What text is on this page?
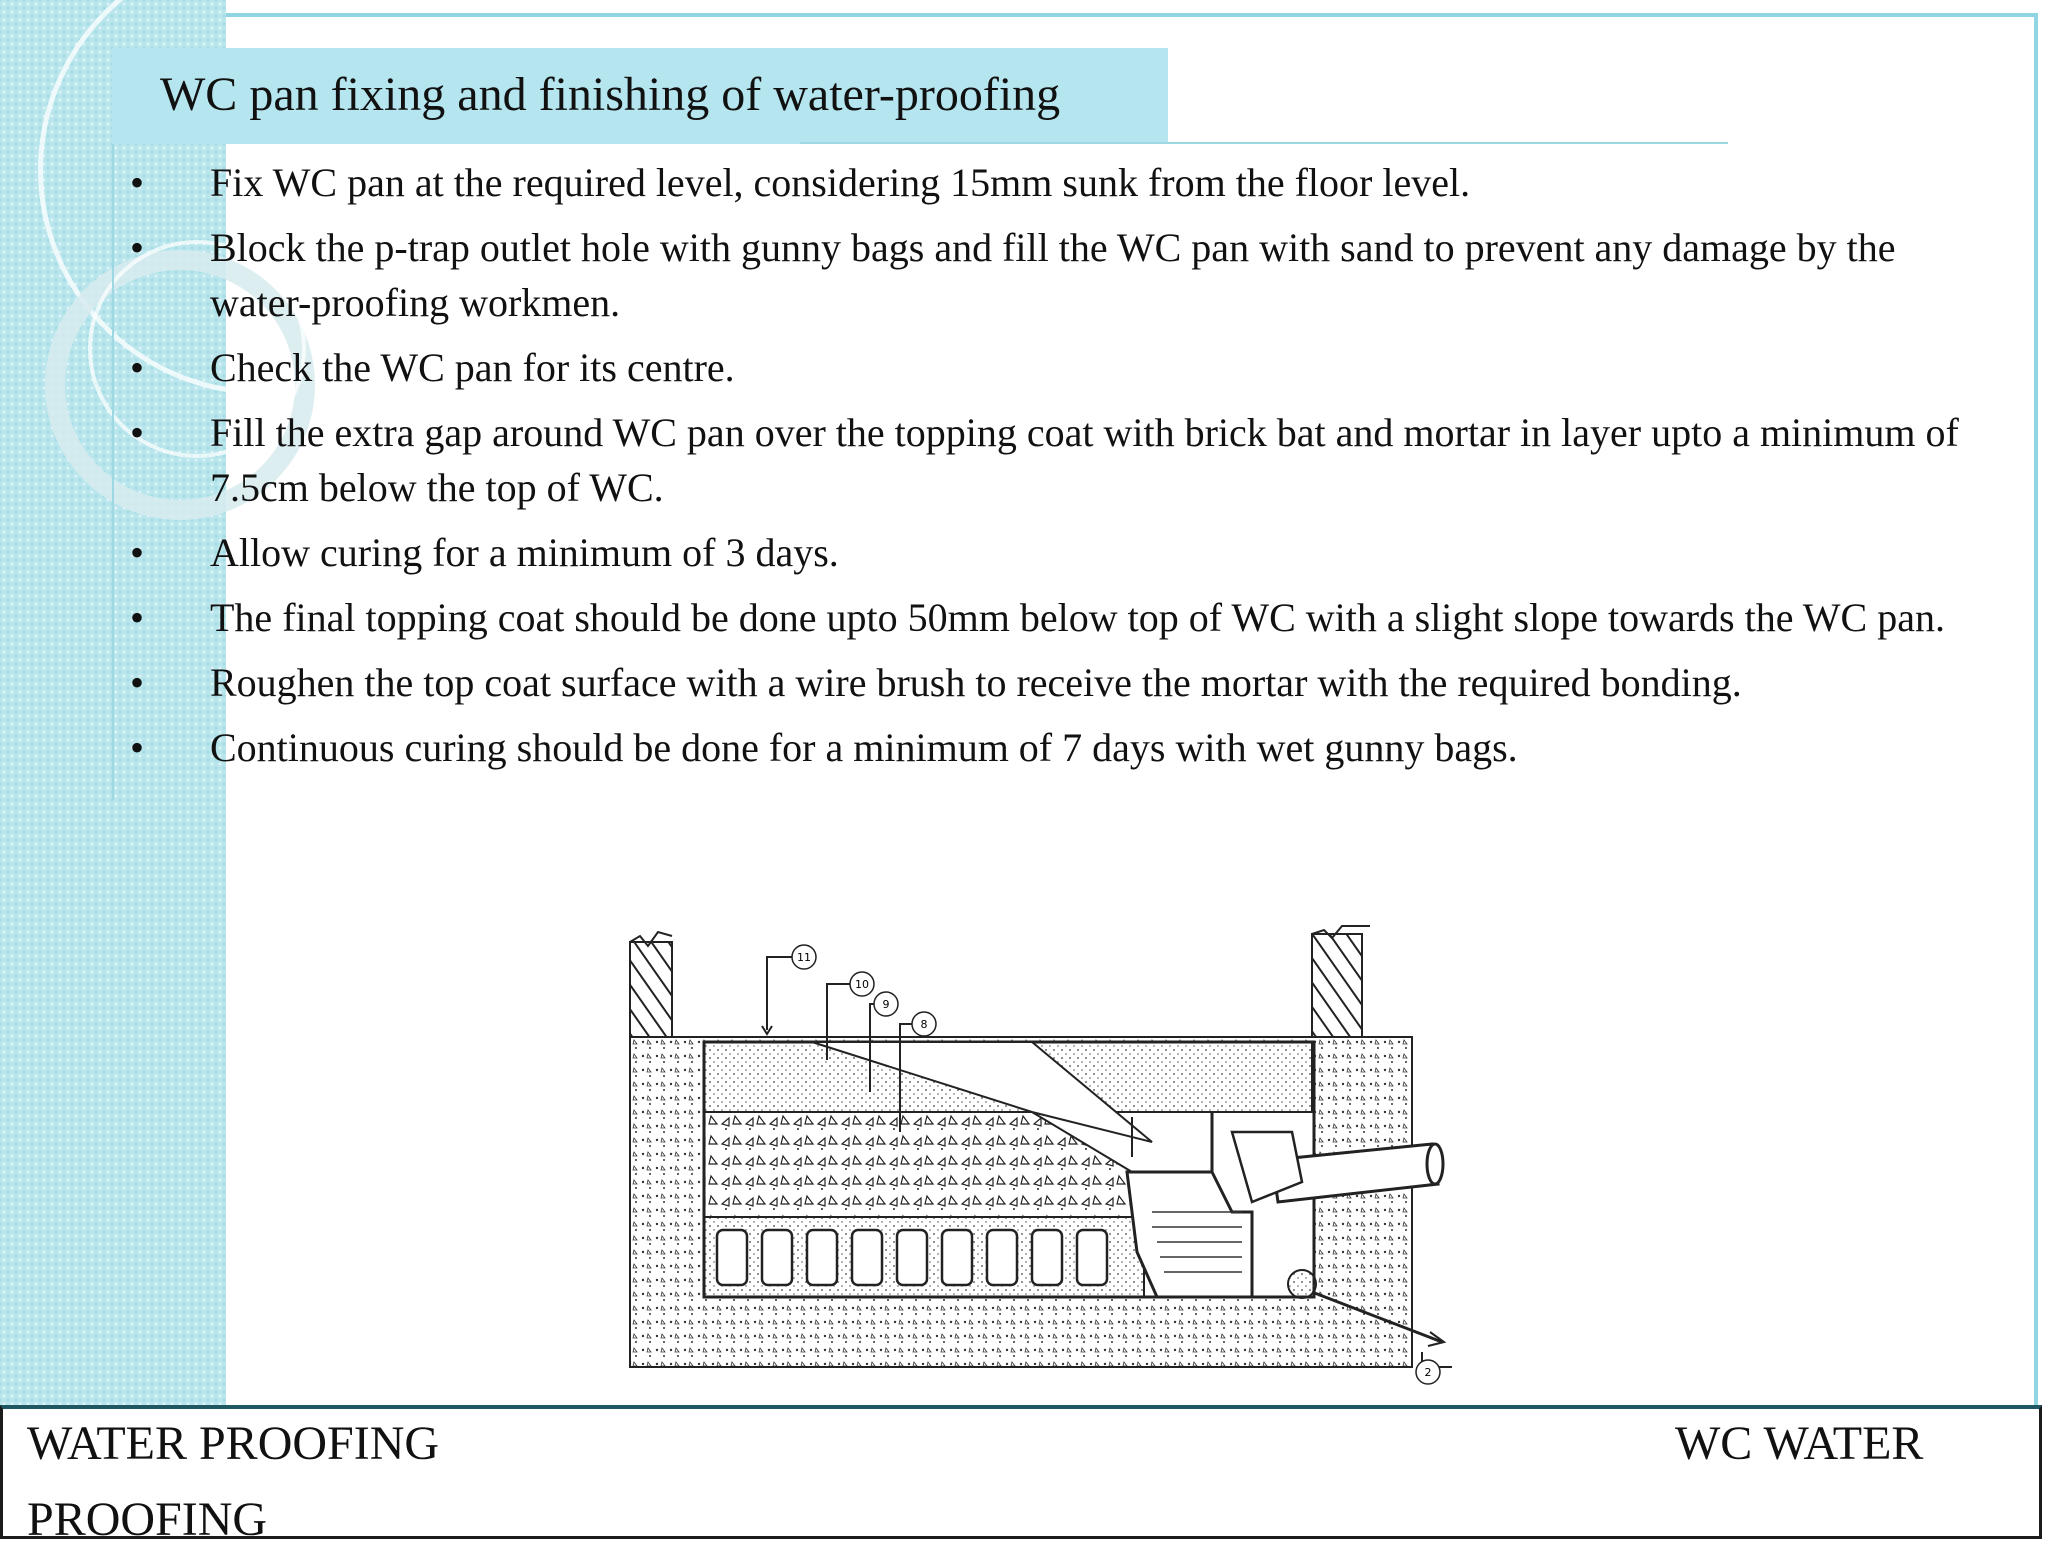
WC pan fixing and finishing of water-proofing
• Fix WC pan at the required level, considering 15mm sunk from the floor level.
• Block the p-trap outlet hole with gunny bags and fill the WC pan with sand to prevent any damage by the water-proofing workmen.
• Check the WC pan for its centre.
• Fill the extra gap around WC pan over the topping coat with brick bat and mortar in layer upto a minimum of 7.5cm below the top of WC.
• Allow curing for a minimum of 3 days.
• The final topping coat should be done upto 50mm below top of WC with a slight slope towards the WC pan.
• Roughen the top coat surface with a wire brush to receive the mortar with the required bonding.
• Continuous curing should be done for a minimum of 7 days with wet gunny bags.
11
10
9
8
2
WATER PROOFING
PROOFING
WC WATER
